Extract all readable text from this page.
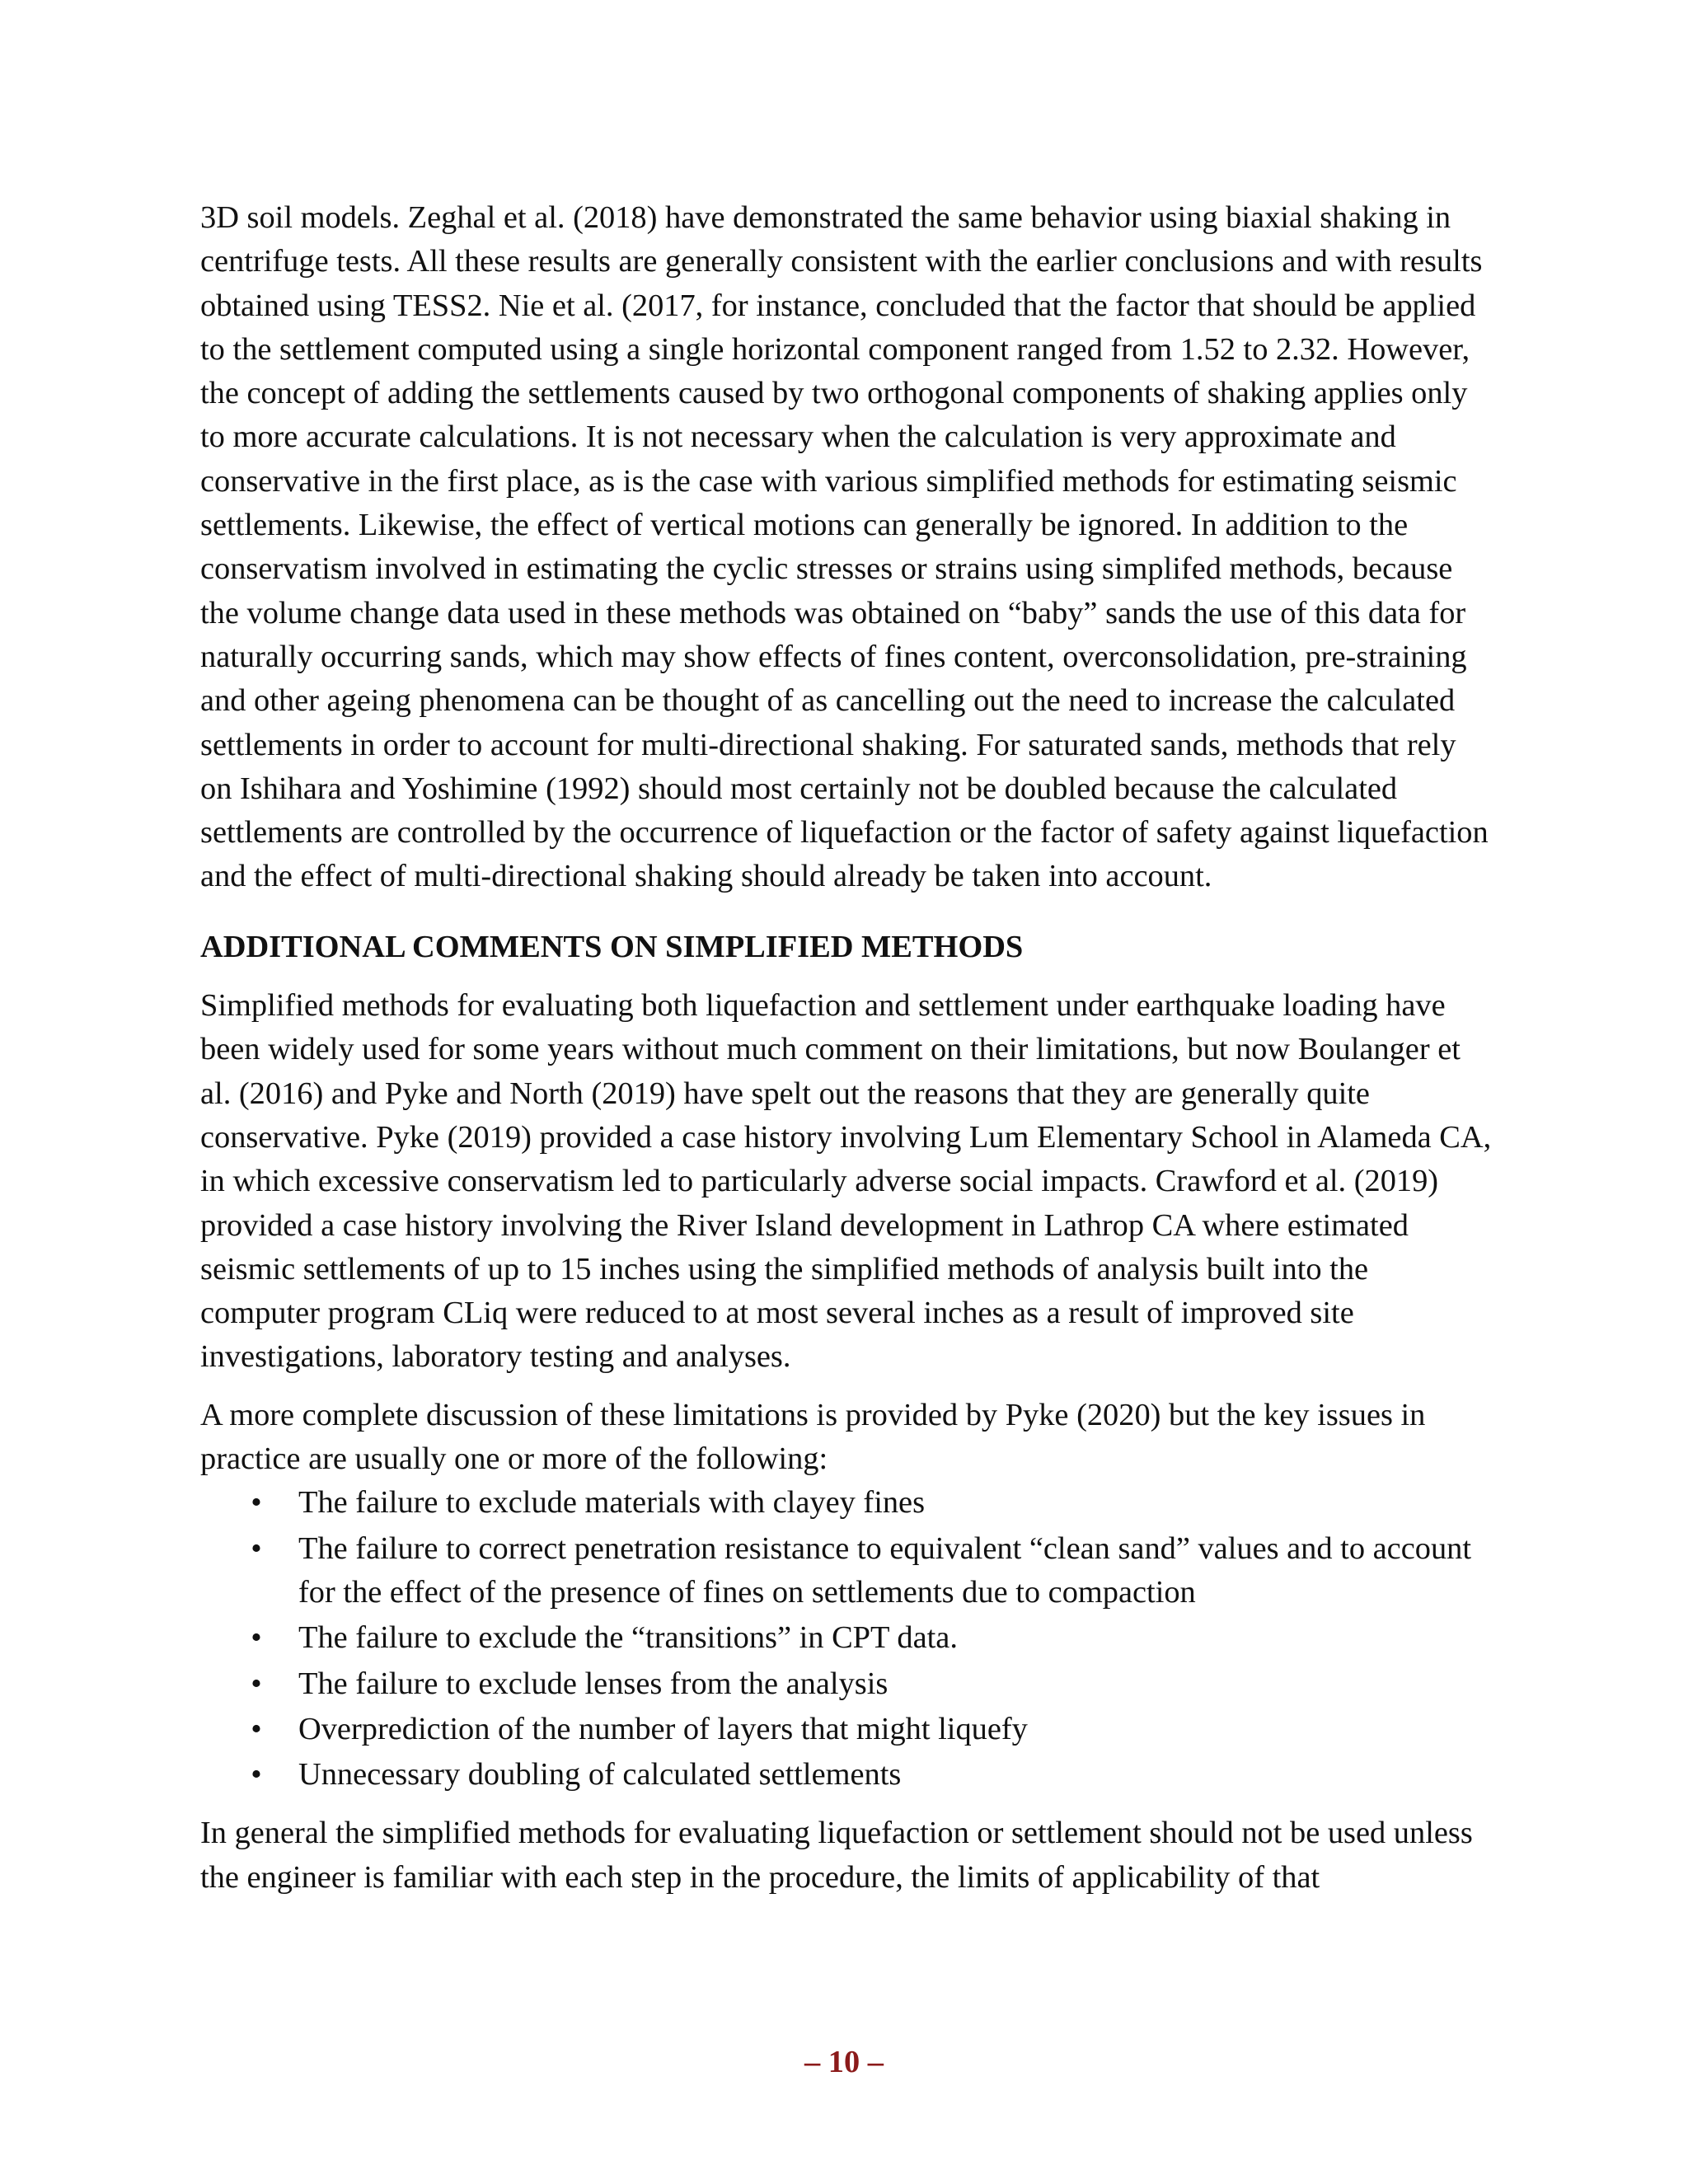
3D soil models. Zeghal et al. (2018) have demonstrated the same behavior using biaxial shaking in centrifuge tests. All these results are generally consistent with the earlier conclusions and with results obtained using TESS2. Nie et al. (2017, for instance, concluded that the factor that should be applied to the settlement computed using a single horizontal component ranged from 1.52 to 2.32. However, the concept of adding the settlements caused by two orthogonal components of shaking applies only to more accurate calculations. It is not necessary when the calculation is very approximate and conservative in the first place, as is the case with various simplified methods for estimating seismic settlements. Likewise, the effect of vertical motions can generally be ignored. In addition to the conservatism involved in estimating the cyclic stresses or strains using simplifed methods, because the volume change data used in these methods was obtained on “baby” sands the use of this data for naturally occurring sands, which may show effects of fines content, overconsolidation, pre-straining and other ageing phenomena can be thought of as cancelling out the need to increase the calculated settlements in order to account for multi-directional shaking. For saturated sands, methods that rely on Ishihara and Yoshimine (1992) should most certainly not be doubled because the calculated settlements are controlled by the occurrence of liquefaction or the factor of safety against liquefaction and the effect of multi-directional shaking should already be taken into account.

ADDITIONAL COMMENTS ON SIMPLIFIED METHODS

Simplified methods for evaluating both liquefaction and settlement under earthquake loading have been widely used for some years without much comment on their limitations, but now Boulanger et al. (2016) and Pyke and North (2019) have spelt out the reasons that they are generally quite conservative. Pyke (2019) provided a case history involving Lum Elementary School in Alameda CA, in which excessive conservatism led to particularly adverse social impacts. Crawford et al. (2019) provided a case history involving the River Island development in Lathrop CA where estimated seismic settlements of up to 15 inches using the simplified methods of analysis built into the computer program CLiq were reduced to at most several inches as a result of improved site investigations, laboratory testing and analyses.

A more complete discussion of these limitations is provided by Pyke (2020) but the key issues in practice are usually one or more of the following:

• The failure to exclude materials with clayey fines
• The failure to correct penetration resistance to equivalent “clean sand” values and to account for the effect of the presence of fines on settlements due to compaction
• The failure to exclude the “transitions” in CPT data.
• The failure to exclude lenses from the analysis
• Overprediction of the number of layers that might liquefy
• Unnecessary doubling of calculated settlements

In general the simplified methods for evaluating liquefaction or settlement should not be used unless the engineer is familiar with each step in the procedure, the limits of applicability of that

– 10 –
